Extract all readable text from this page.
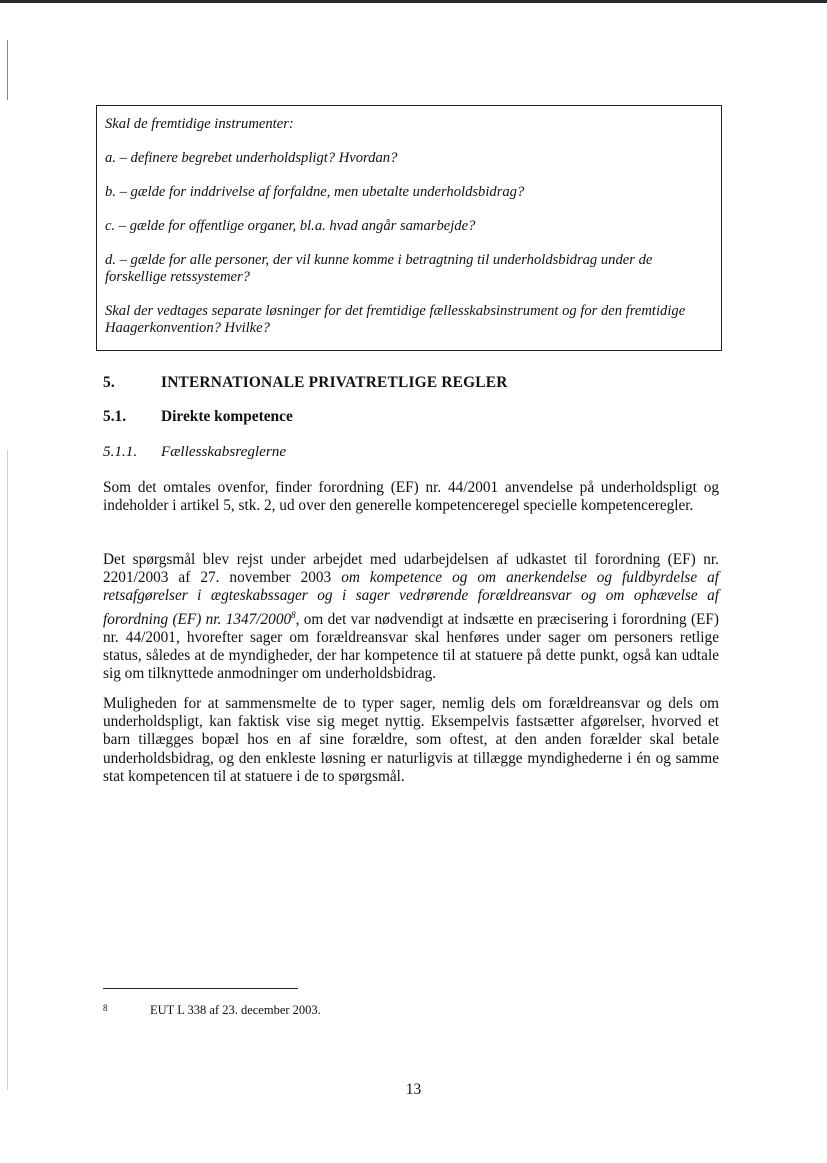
Skal de fremtidige instrumenter:

a. – definere begrebet underholdspligt? Hvordan?

b. – gælde for inddrivelse af forfaldne, men ubetalte underholdsbidrag?

c. – gælde for offentlige organer, bl.a. hvad angår samarbejde?

d. – gælde for alle personer, der vil kunne komme i betragtning til underholdsbidrag under de forskellige retssystemer?

Skal der vedtages separate løsninger for det fremtidige fællesskabsinstrument og for den fremtidige Haagerkonvention? Hvilke?

5.	INTERNATIONALE PRIVATRETLIGE REGLER
5.1. Direkte kompetence
5.1.1. Fællesskabsreglerne
Som det omtales ovenfor, finder forordning (EF) nr. 44/2001 anvendelse på underholdspligt og indeholder i artikel 5, stk. 2, ud over den generelle kompetenceregel specielle kompetenceregler.
Det spørgsmål blev rejst under arbejdet med udarbejdelsen af udkastet til forordning (EF) nr. 2201/2003 af 27. november 2003 om kompetence og om anerkendelse og fuldbyrdelse af retsafgørelser i ægteskabssager og i sager vedrørende forældreansvar og om ophævelse af forordning (EF) nr. 1347/2000$^8$, om det var nødvendigt at indsætte en præcisering i forordning (EF) nr. 44/2001, hvorefter sager om forældreansvar skal henføres under sager om personers retlige status, således at de myndigheder, der har kompetence til at statuere på dette punkt, også kan udtale sig om tilknyttede anmodninger om underholdsbidrag.
Muligheden for at sammensmelte de to typer sager, nemlig dels om forældreansvar og dels om underholdspligt, kan faktisk vise sig meget nyttig. Eksempelvis fastsætter afgørelser, hvorved et barn tillægges bopæl hos en af sine forældre, som oftest, at den anden forælder skal betale underholdsbidrag, og den enkleste løsning er naturligvis at tillægge myndighederne i én og samme stat kompetencen til at statuere i de to spørgsmål.
8	EUT L 338 af 23. december 2003.
13
